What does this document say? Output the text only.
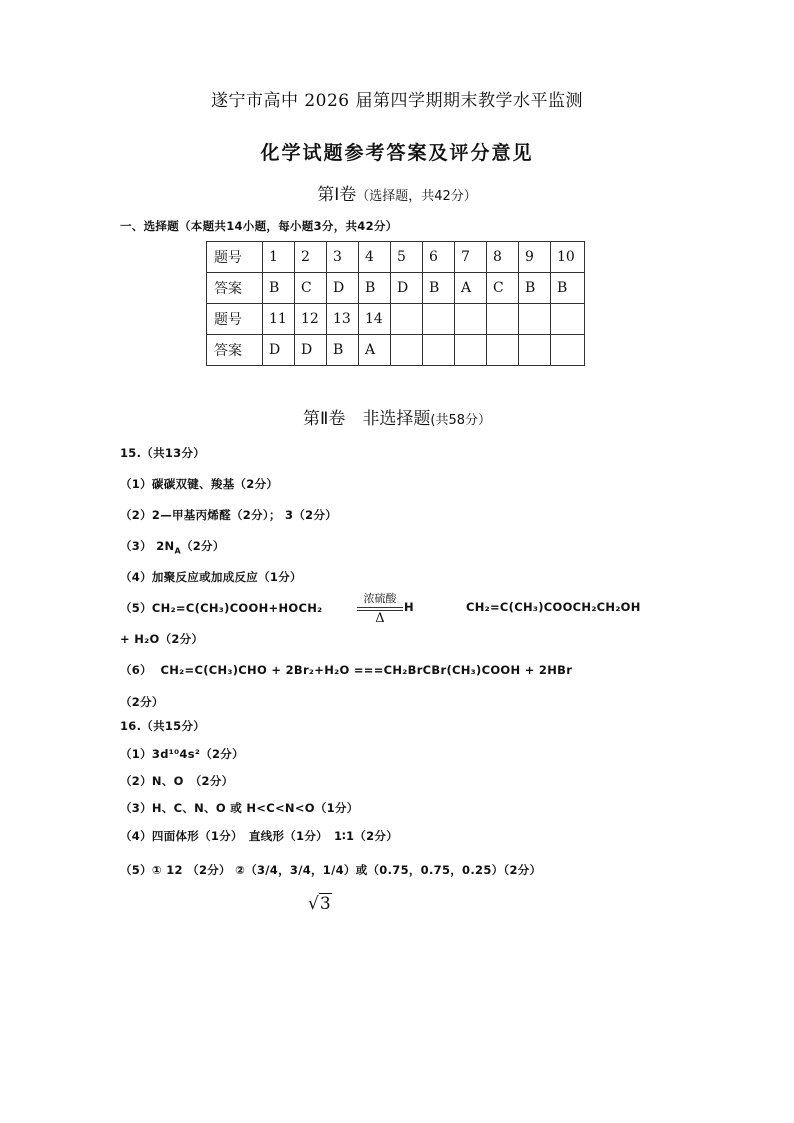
遂宁市高中 2026 届第四学期期末教学水平监测
化学试题参考答案及评分意见
第Ⅰ卷（选择题，共42分）
一、选择题（本题共14小题，每小题3分，共42分）
题号	1	2	3	4	5	6	7	8	9	10
答案	B	C	D	B	D	B	A	C	B	B
题号	11	12	13	14						
答案	D	D	B	A						
第Ⅱ卷　非选择题(共58分）
15.（共13分）
（1）碳碳双键、羧基（2分）
（2）2—甲基丙烯醛（2分）； 3（2分）
（3） $2N_A(2$分）
（4）加聚反应或加成反应（1分）
（5）CH₂=C(CH₃)COOH+HOCH₂
浓硫酸
Δ
H	CH₂=C(CH₃)COOCH₂CH₂OH
+ H₂O（2分）
（6） CH₂=C(CH₃)CHO + 2Br₂+H₂O ===CH₂BrCBr(CH₃)COOH + 2HBr
（2分）
16.（共15分）
（1）3d¹⁰4s²（2分）
（2）N、O　（2分）
（3）H、C、N、O 或 H<C<N<O（1分）
（4）四面体形（1分）　直线形（1分）　1∶1（2分）
（5）① 12 （2分） ②（3/4，3/4，1/4）或（0.75，0.75，0.25）（2分）
√3
